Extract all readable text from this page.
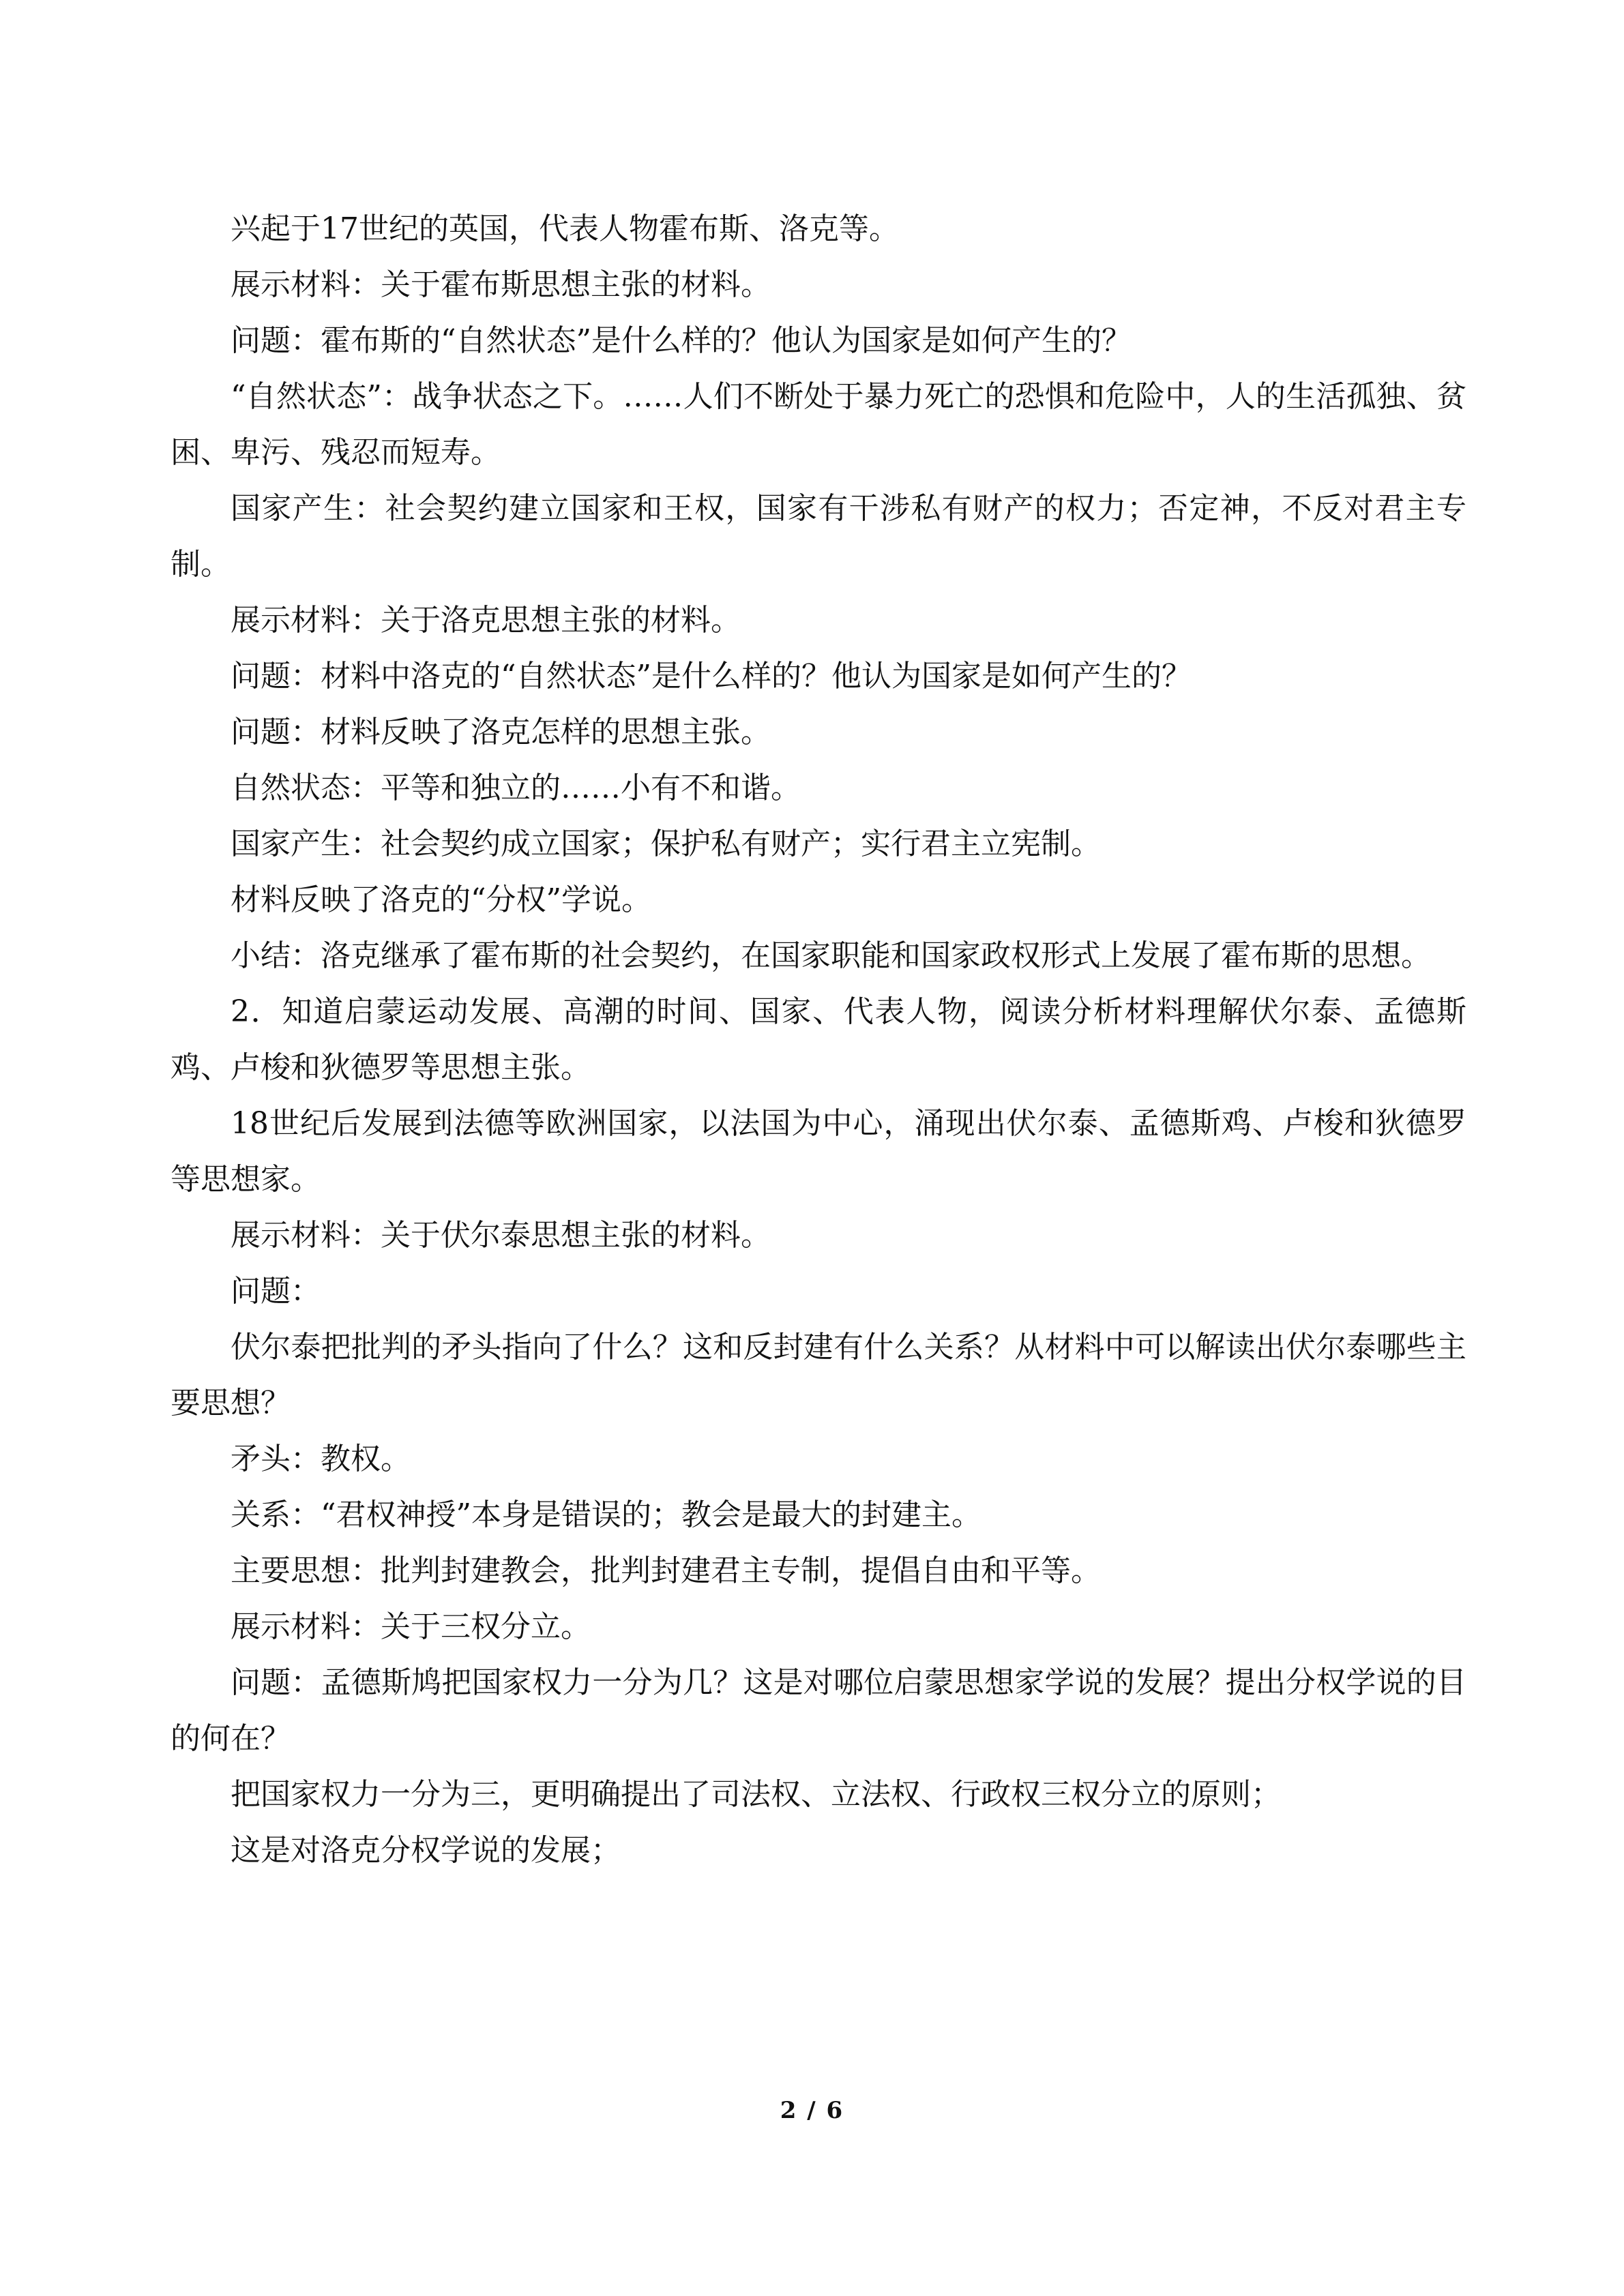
兴起于17世纪的英国，代表人物霍布斯、洛克等。

展示材料：关于霍布斯思想主张的材料。

问题：霍布斯的“自然状态”是什么样的？他认为国家是如何产生的？

“自然状态”：战争状态之下。……人们不断处于暴力死亡的恐惧和危险中，人的生活孤独、贫困、卑污、残忍而短寿。

国家产生：社会契约建立国家和王权，国家有干涉私有财产的权力；否定神，不反对君主专制。

展示材料：关于洛克思想主张的材料。

问题：材料中洛克的“自然状态”是什么样的？他认为国家是如何产生的？

问题：材料反映了洛克怎样的思想主张。

自然状态：平等和独立的……小有不和谐。

国家产生：社会契约成立国家；保护私有财产；实行君主立宪制。

材料反映了洛克的“分权”学说。

小结：洛克继承了霍布斯的社会契约，在国家职能和国家政权形式上发展了霍布斯的思想。

2．知道启蒙运动发展、高潮的时间、国家、代表人物，阅读分析材料理解伏尔泰、孟德斯鸡、卢梭和狄德罗等思想主张。

18世纪后发展到法德等欧洲国家，以法国为中心，涌现出伏尔泰、孟德斯鸡、卢梭和狄德罗等思想家。

展示材料：关于伏尔泰思想主张的材料。

问题：

伏尔泰把批判的矛头指向了什么？这和反封建有什么关系？从材料中可以解读出伏尔泰哪些主要思想？

矛头：教权。

关系：“君权神授”本身是错误的；教会是最大的封建主。

主要思想：批判封建教会，批判封建君主专制，提倡自由和平等。

展示材料：关于三权分立。

问题：孟德斯鸠把国家权力一分为几？这是对哪位启蒙思想家学说的发展？提出分权学说的目的何在？

把国家权力一分为三，更明确提出了司法权、立法权、行政权三权分立的原则；

这是对洛克分权学说的发展；

2 / 6
